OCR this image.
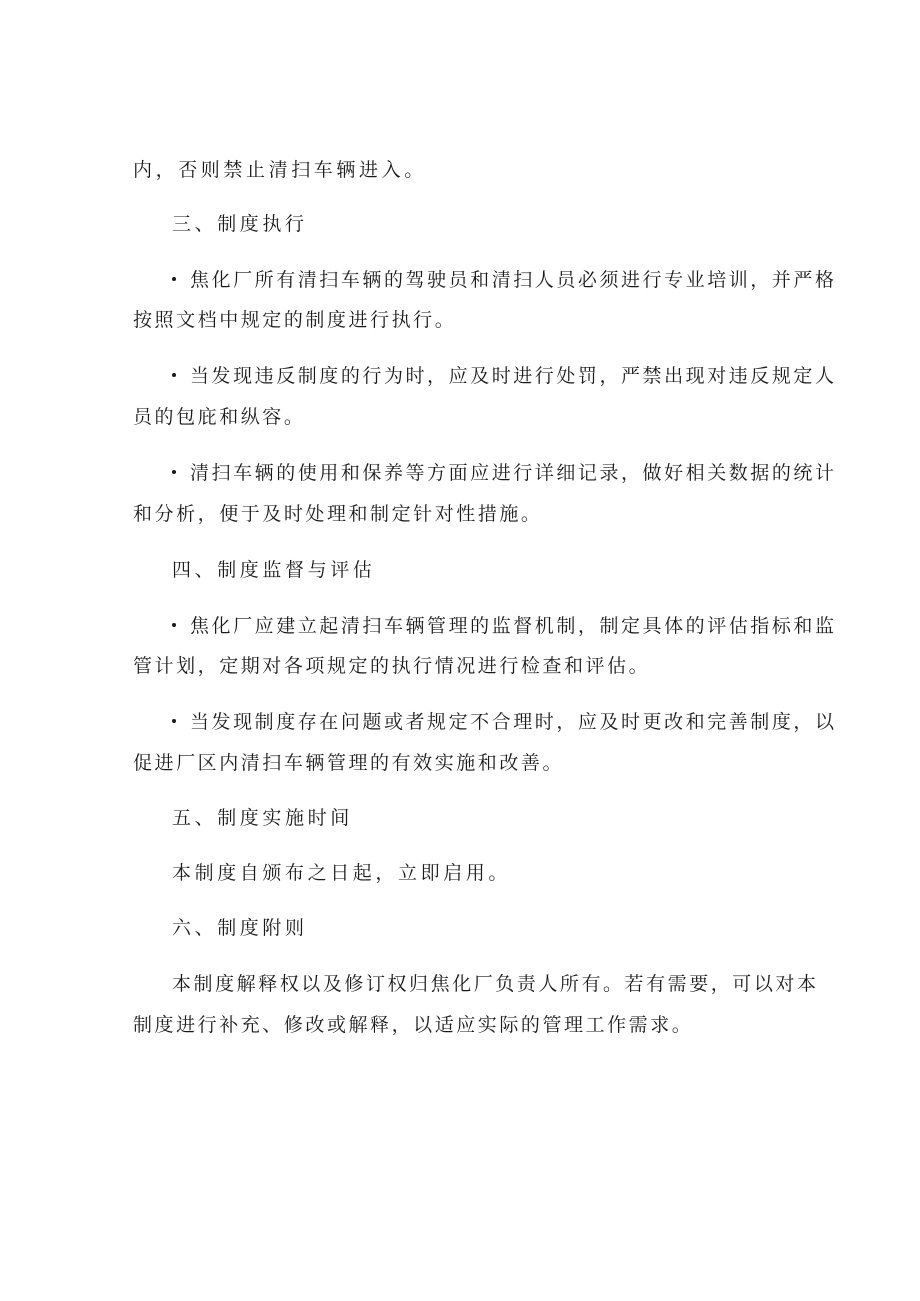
内，否则禁止清扫车辆进入。
三、制度执行
焦化厂所有清扫车辆的驾驶员和清扫人员必须进行专业培训，并严格
按照文档中规定的制度进行执行。
当发现违反制度的行为时，应及时进行处罚，严禁出现对违反规定人
员的包庇和纵容。
清扫车辆的使用和保养等方面应进行详细记录，做好相关数据的统计
和分析，便于及时处理和制定针对性措施。
四、制度监督与评估
焦化厂应建立起清扫车辆管理的监督机制，制定具体的评估指标和监
管计划，定期对各项规定的执行情况进行检查和评估。
当发现制度存在问题或者规定不合理时，应及时更改和完善制度，以
促进厂区内清扫车辆管理的有效实施和改善。
五、制度实施时间
本制度自颁布之日起，立即启用。
六、制度附则
本制度解释权以及修订权归焦化厂负责人所有。若有需要，可以对本
制度进行补充、修改或解释，以适应实际的管理工作需求。
